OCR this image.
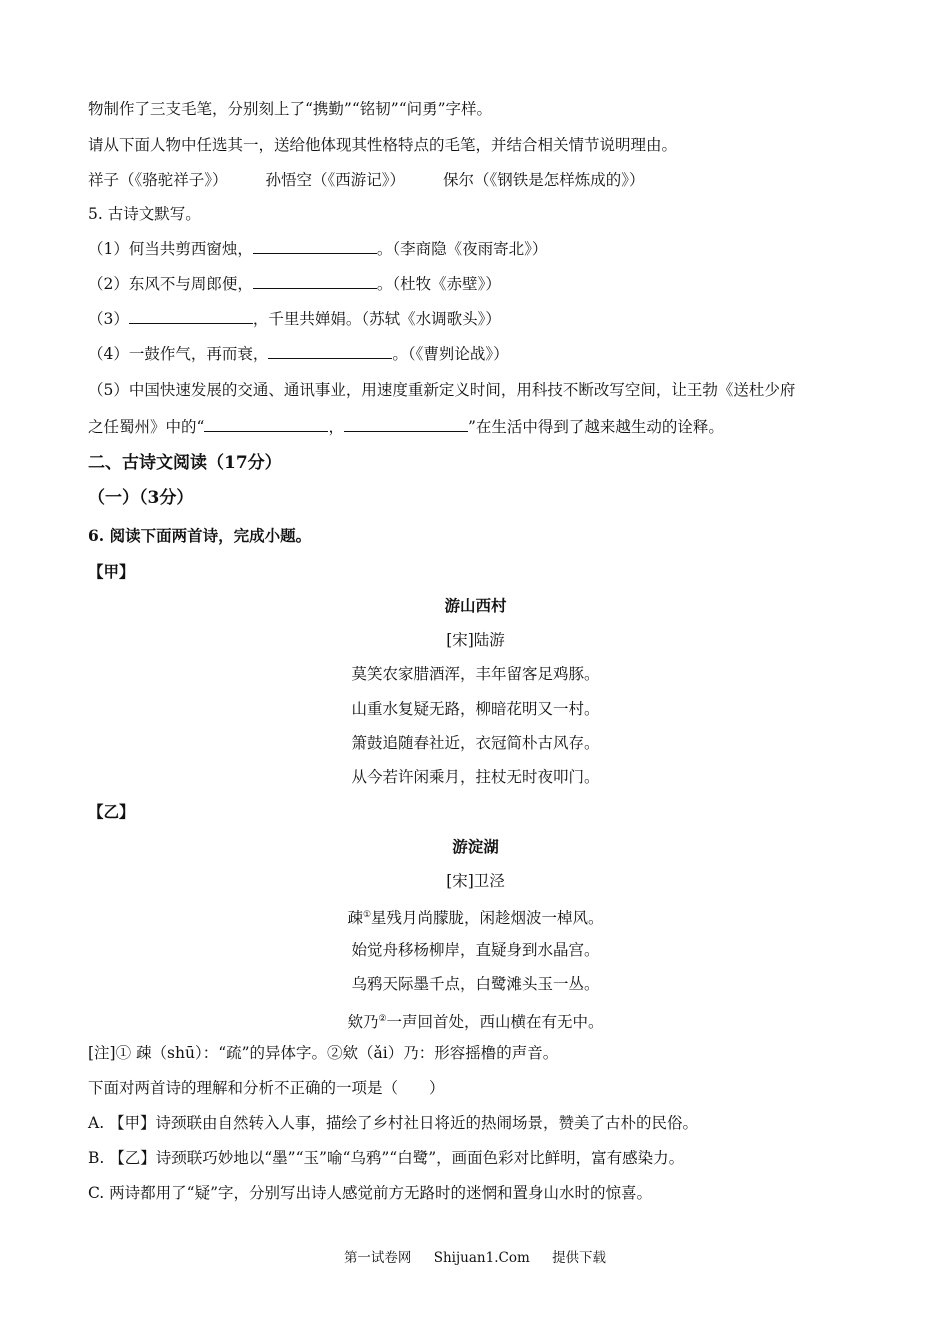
物制作了三支毛笔，分别刻上了“携勤”“铭韧”“问勇”字样。
请从下面人物中任选其一，送给他体现其性格特点的毛笔，并结合相关情节说明理由。
祥子（《骆驼祥子》） 孙悟空（《西游记》） 保尔（《钢铁是怎样炼成的》）
5. 古诗文默写。
（1）何当共剪西窗烛，	。（李商隐《夜雨寄北》）
（2）东风不与周郎便，	。（杜牧《赤壁》）
（3）	，千里共婵娟。（苏轼《水调歌头》）
（4）一鼓作气，再而衰，	。（《曹刿论战》）
（5）中国快速发展的交通、通讯事业，用速度重新定义时间，用科技不断改写空间，让王勃《送杜少府
之任蜀州》中的“	，	”在生活中得到了越来越生动的诠释。
二、古诗文阅读（17分）
（一）（3分）
6. 阅读下面两首诗，完成小题。
【甲】
游山西村
[宋]陆游
莫笑农家腊酒浑，丰年留客足鸡豚。
山重水复疑无路，柳暗花明又一村。
箫鼓追随春社近，衣冠简朴古风存。
从今若许闲乘月，拄杖无时夜叩门。
【乙】
游淀湖
[宋]卫泾
疎①星残月尚朦胧，闲趁烟波一棹风。
始觉舟移杨柳岸，直疑身到水晶宫。
乌鸦天际墨千点，白鹭滩头玉一丛。
欸乃②一声回首处，西山横在有无中。
[注]① 疎（shū）：“疏”的异体字。②欸（ǎi）乃：形容摇橹的声音。
下面对两首诗的理解和分析不正确的一项是（　　）
A. 【甲】诗颈联由自然转入人事，描绘了乡村社日将近的热闹场景，赞美了古朴的民俗。
B. 【乙】诗颈联巧妙地以“墨”“玉”喻“乌鸦”“白鹭”，画面色彩对比鲜明，富有感染力。
C. 两诗都用了“疑”字，分别写出诗人感觉前方无路时的迷惘和置身山水时的惊喜。
第一试卷网 Shijuan1.Com 提供下载
